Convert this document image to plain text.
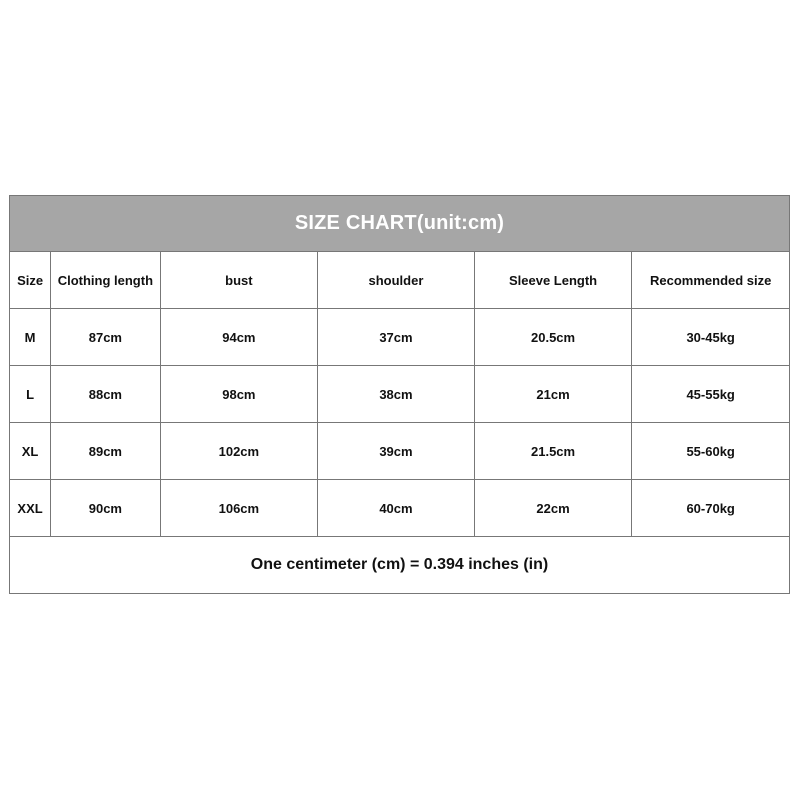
SIZE CHART(unit:cm)					
Size	Clothing length	bust	shoulder	Sleeve Length	Recommended size
M	87cm	94cm	37cm	20.5cm	30-45kg
L	88cm	98cm	38cm	21cm	45-55kg
XL	89cm	102cm	39cm	21.5cm	55-60kg
XXL	90cm	106cm	40cm	22cm	60-70kg
One centimeter (cm) = 0.394 inches (in)					
